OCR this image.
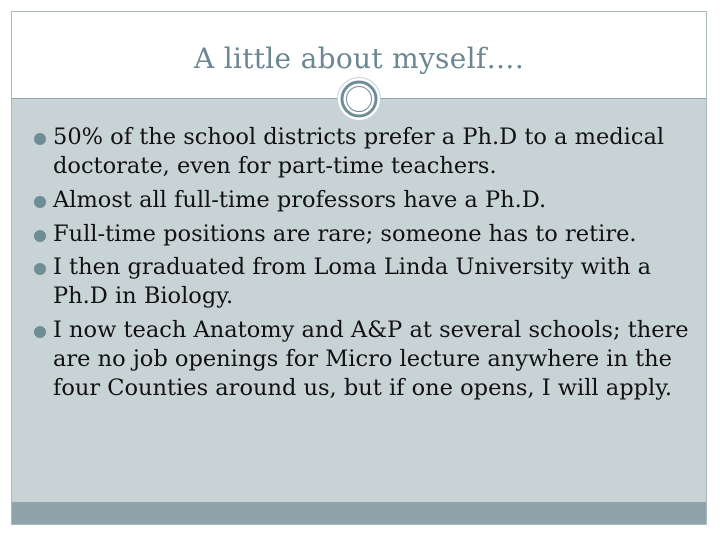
A little about myself….
50% of the school districts prefer a Ph.D to a medical doctorate, even for part-time teachers.
Almost all full-time professors have a Ph.D.
Full-time positions are rare; someone has to retire.
I then graduated from Loma Linda University with a Ph.D in Biology.
I now teach Anatomy and A&P at several schools; there are no job openings for Micro lecture anywhere in the four Counties around us, but if one opens, I will apply.
